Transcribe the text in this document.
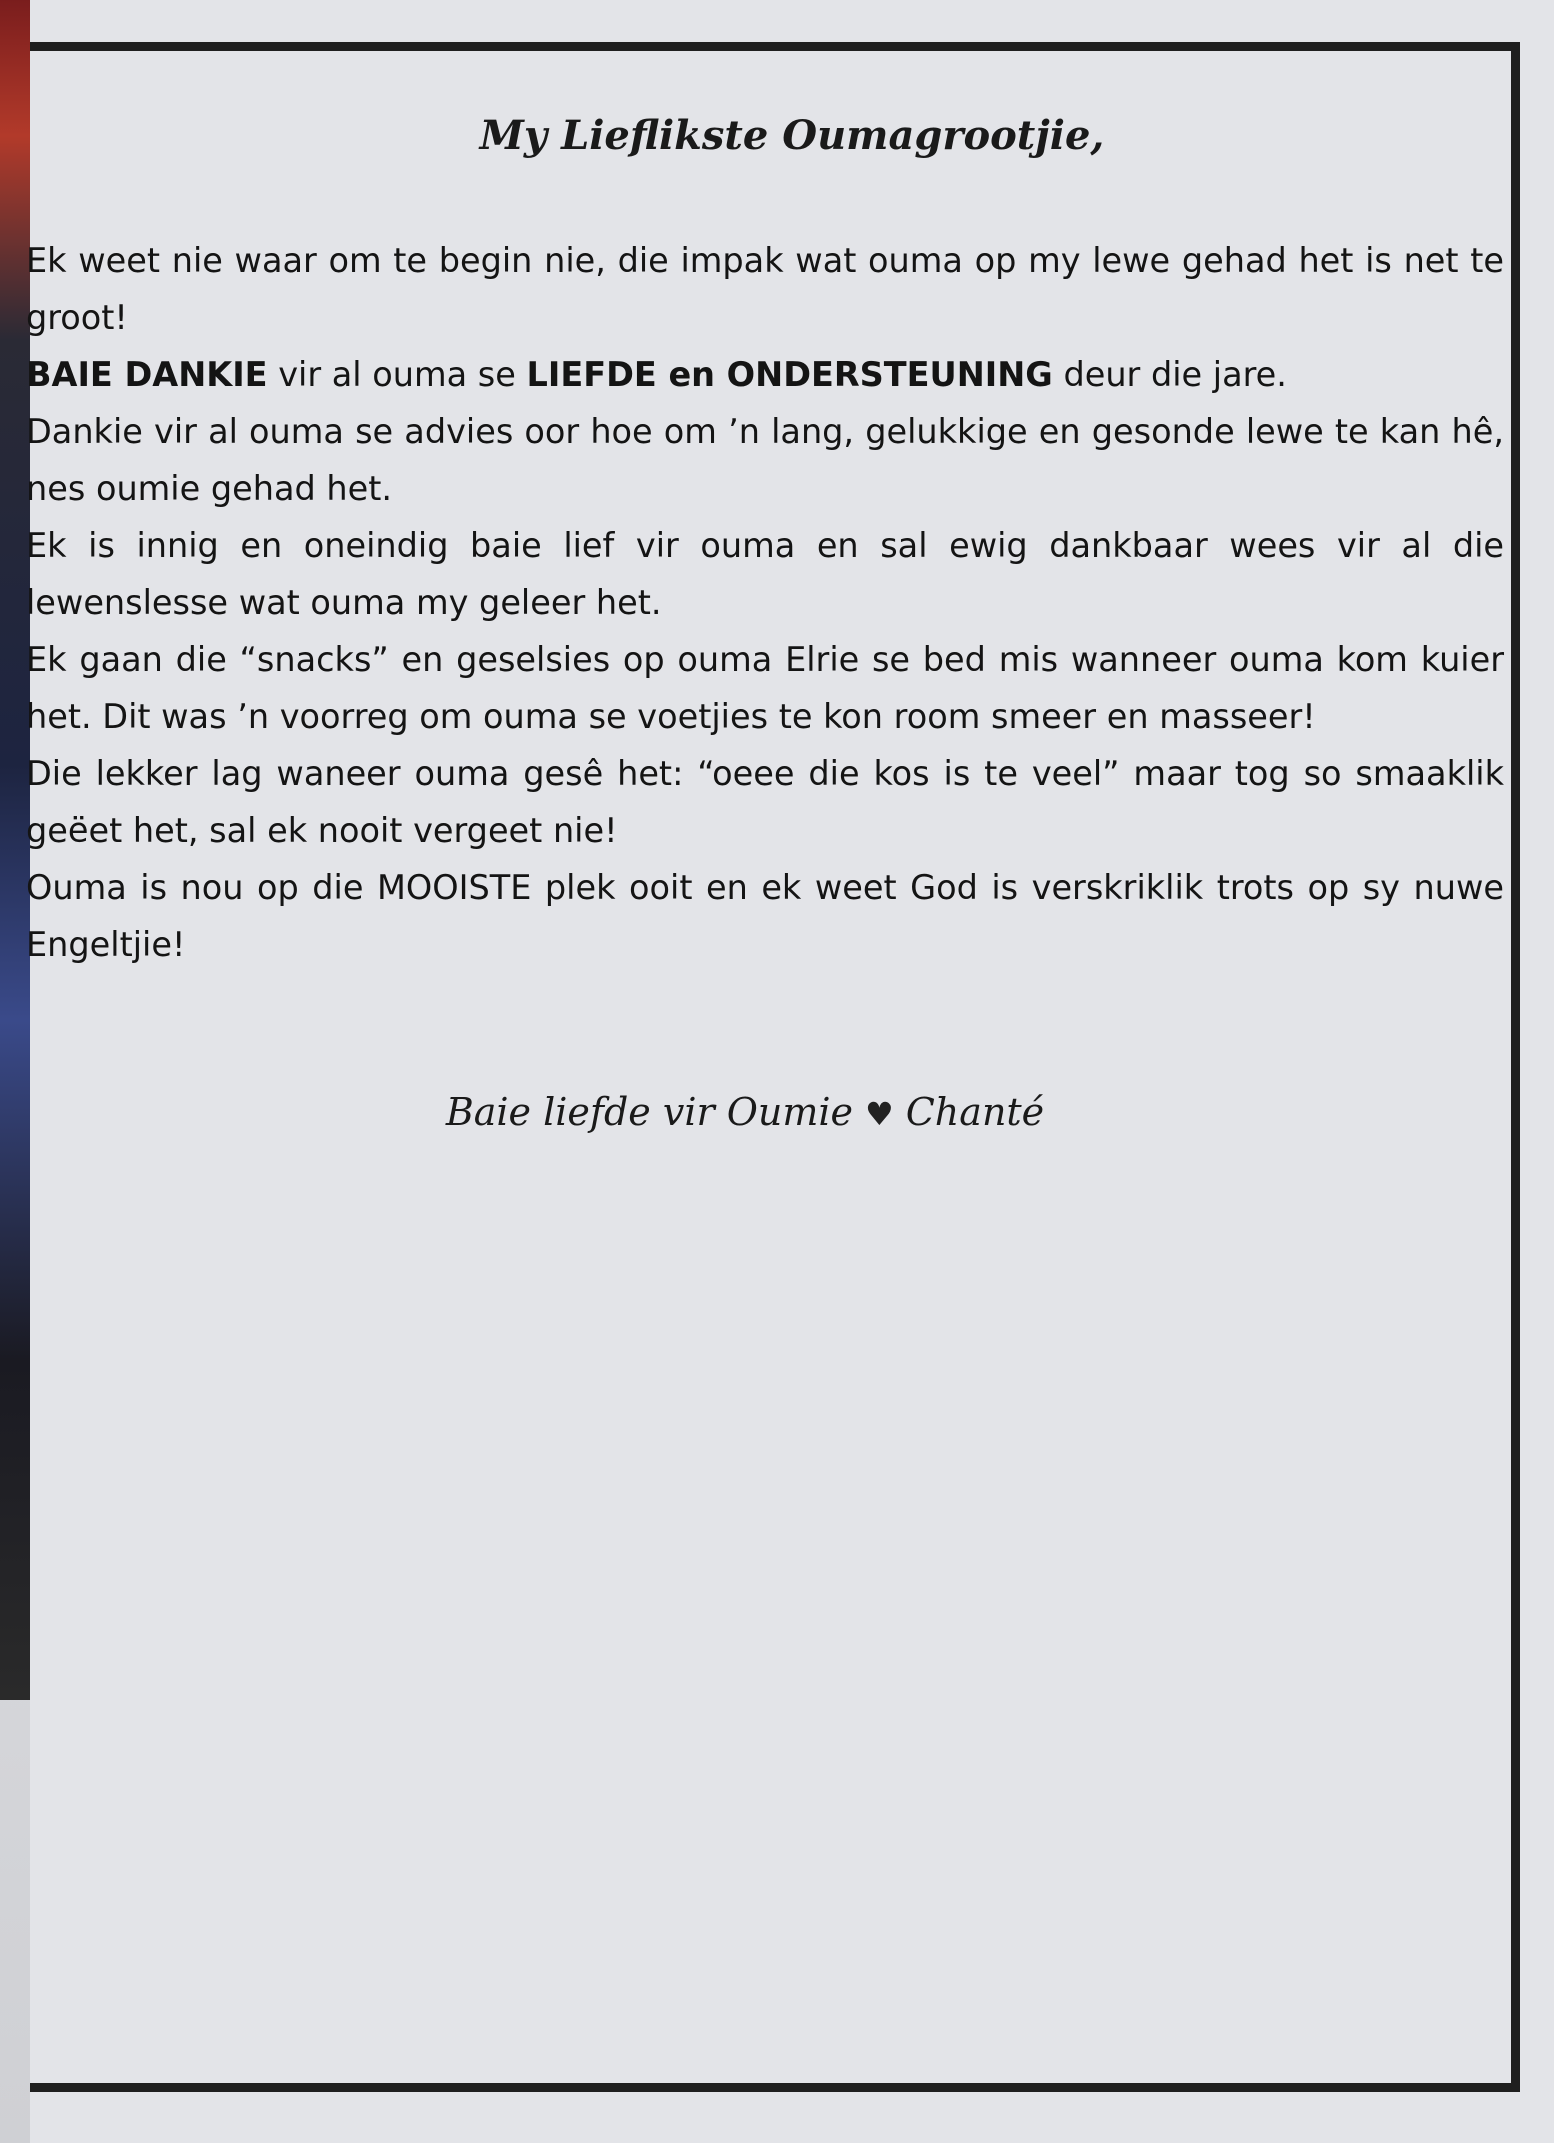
My Lieflikste Oumagrootjie,

Ek weet nie waar om te begin nie, die impak wat ouma op my lewe gehad het is net te groot!

BAIE DANKIE vir al ouma se LIEFDE en ONDERSTEUNING deur die jare.

Dankie vir al ouma se advies oor hoe om ’n lang, gelukkige en gesonde lewe te kan hê, nes oumie gehad het.

Ek is innig en oneindig baie lief vir ouma en sal ewig dankbaar wees vir al die lewenslesse wat ouma my geleer het.

Ek gaan die “snacks” en geselsies op ouma Elrie se bed mis wanneer ouma kom kuier het. Dit was ’n voorreg om ouma se voetjies te kon room smeer en masseer!

Die lekker lag waneer ouma gesê het: “oeee die kos is te veel” maar tog so smaaklik geëet het, sal ek nooit vergeet nie!

Ouma is nou op die MOOISTE plek ooit en ek weet God is verskriklik trots op sy nuwe Engeltjie!

Baie liefde vir Oumie ♥ Chanté
